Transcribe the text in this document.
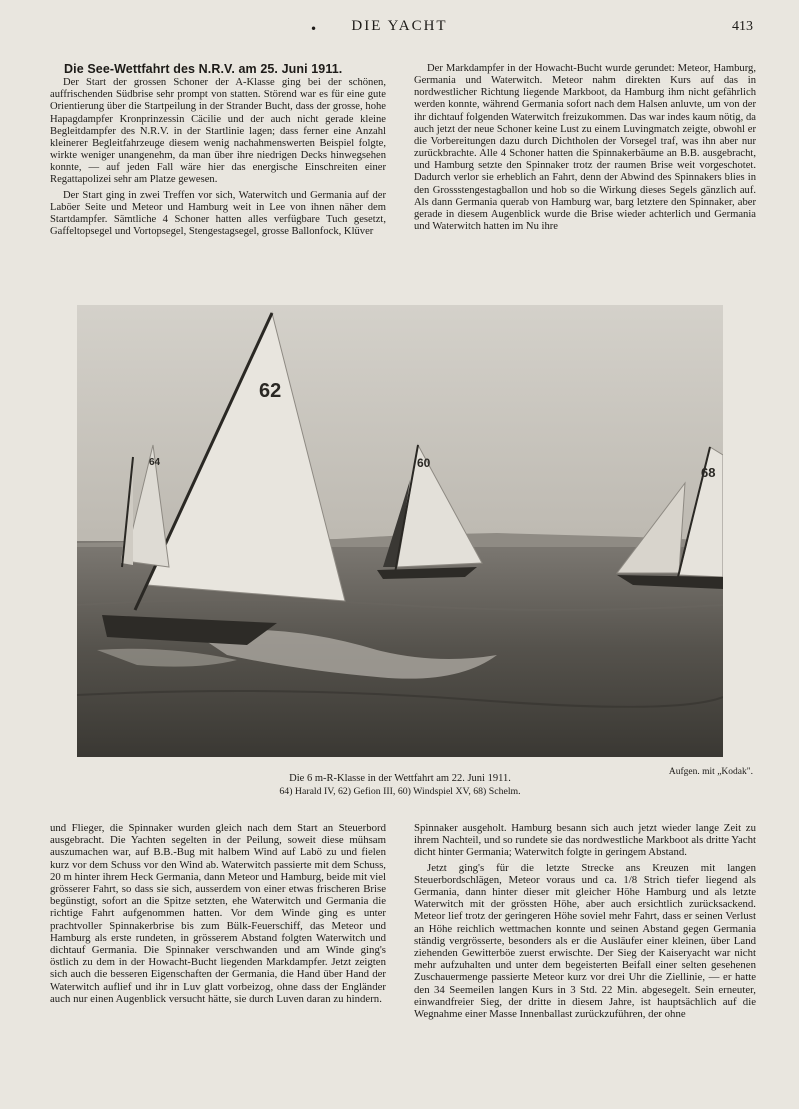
•	DIE YACHT	413
Die See-Wettfahrt des N.R.V. am 25. Juni 1911.

Der Start der grossen Schoner der A-Klasse ging bei der schönen, auffrischenden Südbrise sehr prompt von statten. Störend war es für eine gute Orientierung über die Startpeilung in der Strander Bucht, dass der grosse, hohe Hapagdampfer Kronprinzessin Cäcilie und der auch nicht gerade kleine Begleitdampfer des N.R.V. in der Startlinie lagen; dass ferner eine Anzahl kleinerer Begleitfahrzeuge diesem wenig nachahmenswerten Beispiel folgte, wirkte weniger unangenehm, da man über ihre niedrigen Decks hinwegsehen konnte, — auf jeden Fall wäre hier das energische Einschreiten einer Regattapolizei sehr am Platze gewesen.

Der Start ging in zwei Treffen vor sich, Waterwitch und Germania auf der Laböer Seite und Meteor und Hamburg weit in Lee von ihnen näher dem Startdampfer. Sämtliche 4 Schoner hatten alles verfügbare Tuch gesetzt, Gaffeltopsegel und Vortopsegel, Stengestagsegel, grosse Ballonfock, Klüver

Der Markdampfer in der Howacht-Bucht wurde gerundet: Meteor, Hamburg, Germania und Waterwitch. Meteor nahm direkten Kurs auf das in nordwestlicher Richtung liegende Markboot, da Hamburg ihm nicht gefährlich werden konnte, während Germania sofort nach dem Halsen anluvte, um von der ihr dichtauf folgenden Waterwitch freizukommen. Das war indes kaum nötig, da auch jetzt der neue Schoner keine Lust zu einem Luvingmatch zeigte, obwohl er die Vorbereitungen dazu durch Dichtholen der Vorsegel traf, was ihn aber nur zurückbrachte. Alle 4 Schoner hatten die Spinnakerbäume an B.B. ausgebracht, und Hamburg setzte den Spinnaker trotz der raumen Brise weit vorgeschotet. Dadurch verlor sie erheblich an Fahrt, denn der Abwind des Spinnakers blies in den Grossstengestagballon und hob so die Wirkung dieses Segels gänzlich auf. Als dann Germania querab von Hamburg war, barg letztere den Spinnaker, aber gerade in diesem Augenblick wurde die Brise wieder achterlich und Germania und Waterwitch hatten im Nu ihre

62
64	60
68
Aufgen. mit „Kodak".
Die 6 m-R-Klasse in der Wettfahrt am 22. Juni 1911.
64) Harald IV, 62) Gefion III, 60) Windspiel XV, 68) Schelm.

und Flieger, die Spinnaker wurden gleich nach dem Start an Steuerbord ausgebracht. Die Yachten segelten in der Peilung, soweit diese mühsam auszumachen war, auf B.B.-Bug mit halbem Wind auf Labö zu und fielen kurz vor dem Schuss vor den Wind ab. Waterwitch passierte mit dem Schuss, 20 m hinter ihrem Heck Germania, dann Meteor und Hamburg, beide mit viel grösserer Fahrt, so dass sie sich, ausserdem von einer etwas frischeren Brise begünstigt, sofort an die Spitze setzten, ehe Waterwitch und Germania die richtige Fahrt aufgenommen hatten. Vor dem Winde ging es unter prachtvoller Spinnakerbrise bis zum Bülk-Feuerschiff, das Meteor und Hamburg als erste rundeten, in grösserem Abstand folgten Waterwitch und dichtauf Germania. Die Spinnaker verschwanden und am Winde ging's östlich zu dem in der Howacht-Bucht liegenden Markdampfer. Jetzt zeigten sich auch die besseren Eigenschaften der Germania, die Hand über Hand der Waterwitch auflief und ihr in Luv glatt vorbeizog, ohne dass der Engländer auch nur einen Augenblick versucht hätte, sie durch Luven daran zu hindern.

Spinnaker ausgeholt. Hamburg besann sich auch jetzt wieder lange Zeit zu ihrem Nachteil, und so rundete sie das nordwestliche Markboot als dritte Yacht dicht hinter Germania; Waterwitch folgte in geringem Abstand.

Jetzt ging's für die letzte Strecke ans Kreuzen mit langen Steuerbordschlägen, Meteor voraus und ca. 1/8 Strich tiefer liegend als Germania, dann hinter dieser mit gleicher Höhe Hamburg und als letzte Waterwitch mit der grössten Höhe, aber auch ersichtlich zurücksackend. Meteor lief trotz der geringeren Höhe soviel mehr Fahrt, dass er seinen Verlust an Höhe reichlich wettmachen konnte und seinen Abstand gegen Germania ständig vergrösserte, besonders als er die Ausläufer einer kleinen, über Land ziehenden Gewitterböe zuerst erwischte. Der Sieg der Kaiseryacht war nicht mehr aufzuhalten und unter dem begeisterten Beifall einer selten gesehenen Zuschauermenge passierte Meteor kurz vor drei Uhr die Ziellinie, — er hatte den 34 Seemeilen langen Kurs in 3 Std. 22 Min. abgesegelt. Sein erneuter, einwandfreier Sieg, der dritte in diesem Jahre, ist hauptsächlich auf die Wegnahme einer Masse Innenballast zurückzuführen, der ohne
